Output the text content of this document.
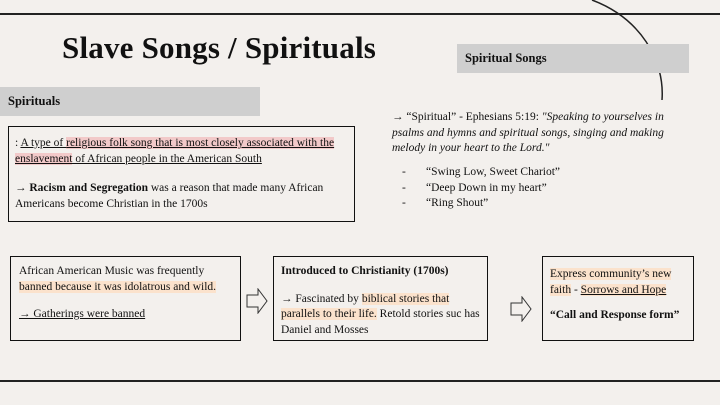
Slave Songs / Spirituals
Spirituals
Spiritual Songs

: A type of religious folk song that is most closely associated with the enslavement of African people in the American South

→ Racism and Segregation was a reason that made many African Americans become Christian in the 1700s

→ “Spiritual” - Ephesians 5:19: "Speaking to yourselves in psalms and hymns and spiritual songs, singing and making melody in your heart to the Lord."
-	“Swing Low, Sweet Chariot”
-	“Deep Down in my heart”
-	“Ring Shout”

African American Music was frequently banned because it was idolatrous and wild.

→ Gatherings were banned

Introduced to Christianity (1700s)

→ Fascinated by biblical stories that parallels to their life. Retold stories suc has Daniel and Mosses

Express community’s new faith - Sorrows and Hope

“Call and Response form”
